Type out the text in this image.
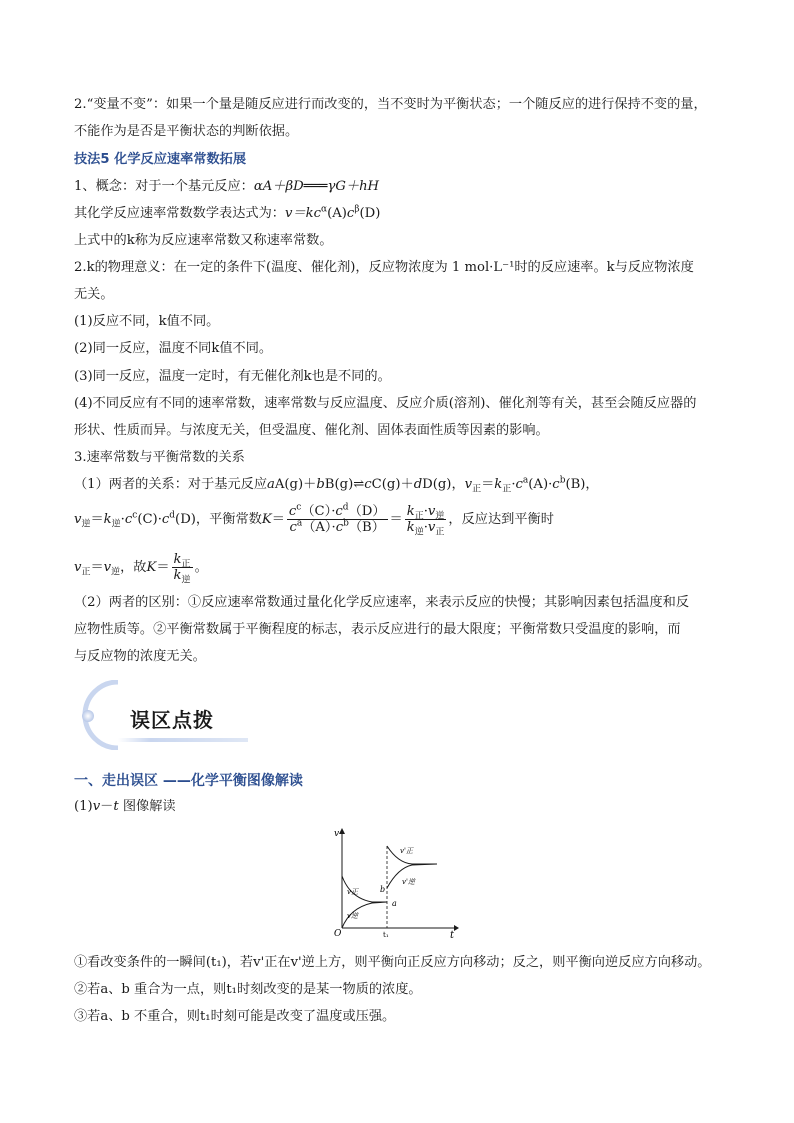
2.“变量不变”：如果一个量是随反应进行而改变的，当不变时为平衡状态；一个随反应的进行保持不变的量，
不能作为是否是平衡状态的判断依据。
技法5 化学反应速率常数拓展
1、概念：对于一个基元反应：αA＋βD═══γG＋hH
其化学反应速率常数数学表达式为：$v=kc^\alpha(A)c^\beta(D)$
上式中的k称为反应速率常数又称速率常数。
2.k的物理意义：在一定的条件下(温度、催化剂)，反应物浓度为 1 mol·L⁻¹时的反应速率。k与反应物浓度
无关。
(1)反应不同，k值不同。
(2)同一反应，温度不同k值不同。
(3)同一反应，温度一定时，有无催化剂k也是不同的。
(4)不同反应有不同的速率常数，速率常数与反应温度、反应介质(溶剂)、催化剂等有关，甚至会随反应器的
形状、性质而异。与浓度无关，但受温度、催化剂、固体表面性质等因素的影响。
3.速率常数与平衡常数的关系
（1）两者的关系：对于基元反应aA(g)＋bB(g)⇌cC(g)＋dD(g)，$v_正=k_正\cdot c^a(A)\cdot c^b(B)$，
$v_逆=k_逆\cdot c^c(C)\cdot c^d(D)$，平衡常数$K= \frac{c^c(C)\cdot c^d(D)}{c^a(A)\cdot c^b(B)} = \frac{k_正\cdot v_逆}{k_逆\cdot v_正}$ ，反应达到平衡时
$v_正=v_逆$，故$K= \frac{k_正}{k_逆}$ 。
（2）两者的区别：①反应速率常数通过量化化学反应速率，来表示反应的快慢；其影响因素包括温度和反
应物性质等。②平衡常数属于平衡程度的标志，表示反应进行的最大限度；平衡常数只受温度的影响，而
与反应物的浓度无关。
误区点拨
一、走出误区 ——化学平衡图像解读
(1)v－t 图像解读
v
t
O	t₁
v正
v逆
v'正
v'逆
a
b
①看改变条件的一瞬间(t₁)，若v'正在v'逆上方，则平衡向正反应方向移动；反之，则平衡向逆反应方向移动。
②若a、b 重合为一点，则t₁时刻改变的是某一物质的浓度。
③若a、b 不重合，则t₁时刻可能是改变了温度或压强。
